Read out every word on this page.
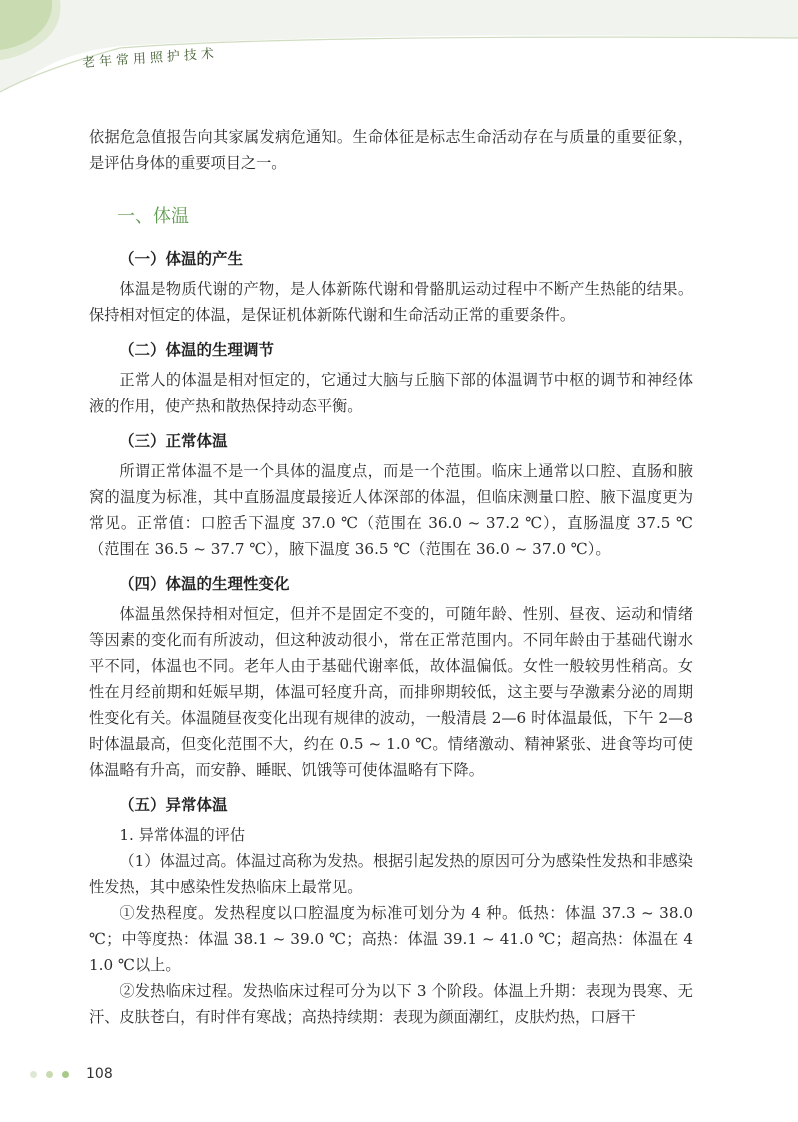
老年常用照护技术

依据危急值报告向其家属发病危通知。生命体征是标志生命活动存在与质量的重要征象，是评估身体的重要项目之一。

一、体温
（一）体温的产生

体温是物质代谢的产物，是人体新陈代谢和骨骼肌运动过程中不断产生热能的结果。保持相对恒定的体温，是保证机体新陈代谢和生命活动正常的重要条件。

（二）体温的生理调节

正常人的体温是相对恒定的，它通过大脑与丘脑下部的体温调节中枢的调节和神经体液的作用，使产热和散热保持动态平衡。

（三）正常体温

所谓正常体温不是一个具体的温度点，而是一个范围。临床上通常以口腔、直肠和腋窝的温度为标准，其中直肠温度最接近人体深部的体温，但临床测量口腔、腋下温度更为常见。正常值：口腔舌下温度 37.0 ℃（范围在 36.0 ~ 37.2 ℃），直肠温度 37.5 ℃（范围在 36.5 ~ 37.7 ℃），腋下温度 36.5 ℃（范围在 36.0 ~ 37.0 ℃）。

（四）体温的生理性变化

体温虽然保持相对恒定，但并不是固定不变的，可随年龄、性别、昼夜、运动和情绪等因素的变化而有所波动，但这种波动很小，常在正常范围内。不同年龄由于基础代谢水平不同，体温也不同。老年人由于基础代谢率低，故体温偏低。女性一般较男性稍高。女性在月经前期和妊娠早期，体温可轻度升高，而排卵期较低，这主要与孕激素分泌的周期性变化有关。体温随昼夜变化出现有规律的波动，一般清晨 2—6 时体温最低，下午 2—8 时体温最高，但变化范围不大，约在 0.5 ~ 1.0 ℃。情绪激动、精神紧张、进食等均可使体温略有升高，而安静、睡眠、饥饿等可使体温略有下降。

（五）异常体温

1. 异常体温的评估

（1）体温过高。体温过高称为发热。根据引起发热的原因可分为感染性发热和非感染性发热，其中感染性发热临床上最常见。

①发热程度。发热程度以口腔温度为标准可划分为 4 种。低热：体温 37.3 ~ 38.0 ℃；中等度热：体温 38.1 ~ 39.0 ℃；高热：体温 39.1 ~ 41.0 ℃；超高热：体温在 41.0 ℃以上。

②发热临床过程。发热临床过程可分为以下 3 个阶段。体温上升期：表现为畏寒、无汗、皮肤苍白，有时伴有寒战；高热持续期：表现为颜面潮红，皮肤灼热，口唇干

108
